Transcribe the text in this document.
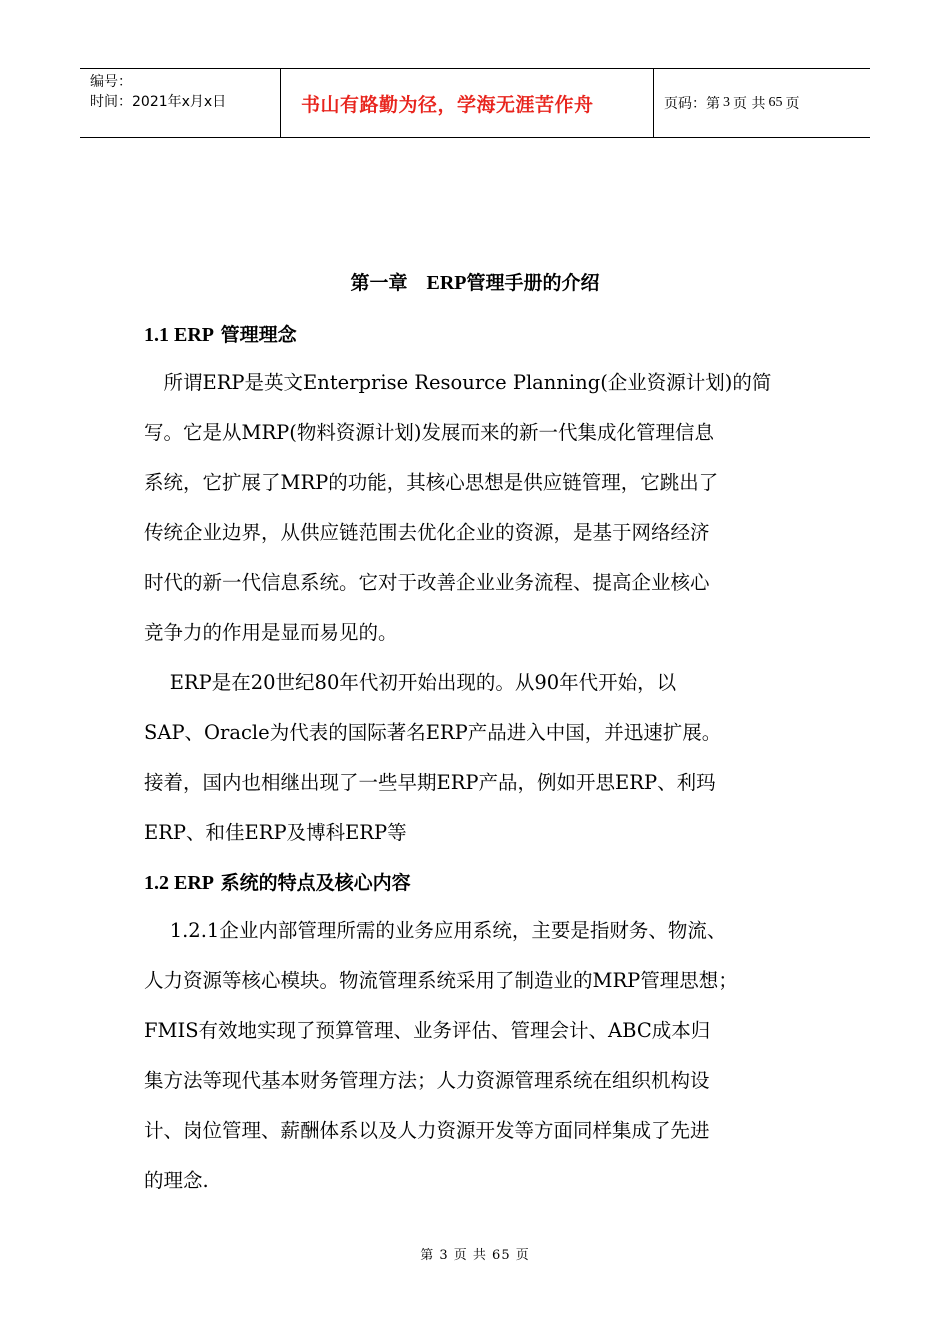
编号：
时间：2021年x月x日	书山有路勤为径，学海无涯苦作舟	页码：第 3 页 共 65 页
第一章　ERP管理手册的介绍
1.1 ERP 管理理念

　所谓ERP是英文Enterprise Resource Planning(企业资源计划)的简
写。它是从MRP(物料资源计划)发展而来的新一代集成化管理信息
系统，它扩展了MRP的功能，其核心思想是供应链管理，它跳出了
传统企业边界，从供应链范围去优化企业的资源，是基于网络经济
时代的新一代信息系统。它对于改善企业业务流程、提高企业核心
竞争力的作用是显而易见的。

　 ERP是在20世纪80年代初开始出现的。从90年代开始，以
SAP、Oracle为代表的国际著名ERP产品进入中国，并迅速扩展。
接着，国内也相继出现了一些早期ERP产品，例如开思ERP、利玛
ERP、和佳ERP及博科ERP等

1.2 ERP 系统的特点及核心内容

　 1.2.1企业内部管理所需的业务应用系统，主要是指财务、物流、
人力资源等核心模块。物流管理系统采用了制造业的MRP管理思想；
FMIS有效地实现了预算管理、业务评估、管理会计、ABC成本归
集方法等现代基本财务管理方法；人力资源管理系统在组织机构设
计、岗位管理、薪酬体系以及人力资源开发等方面同样集成了先进
的理念.

第 3 页 共 65 页
